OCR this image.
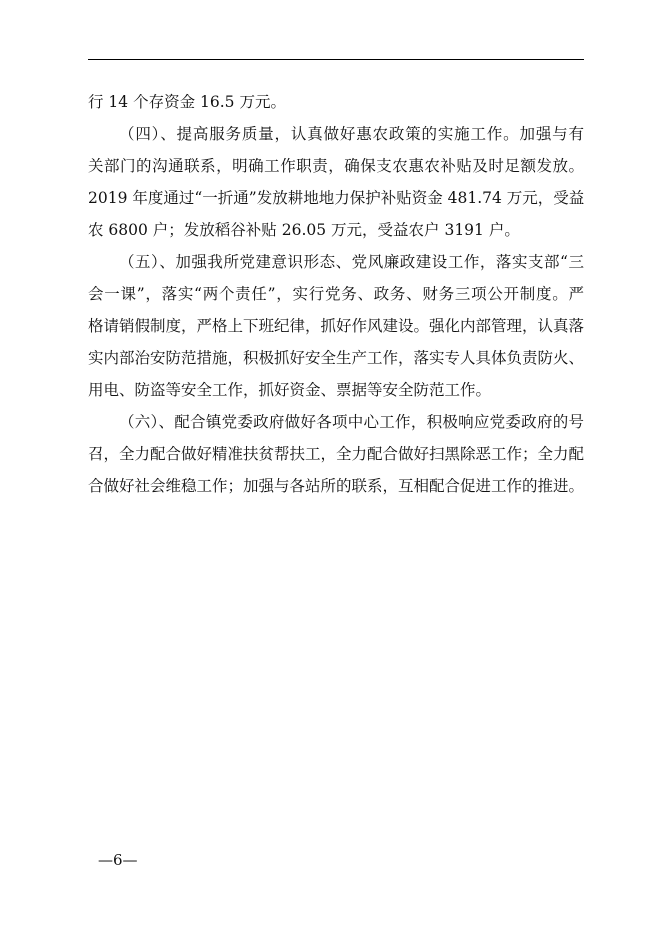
行 14 个存资金 16.5 万元。
（四）、提高服务质量，认真做好惠农政策的实施工作。加强与有
关部门的沟通联系，明确工作职责，确保支农惠农补贴及时足额发放。
2019 年度通过“一折通”发放耕地地力保护补贴资金 481.74 万元，受益
农 6800 户；发放稻谷补贴 26.05 万元，受益农户 3191 户。
（五）、加强我所党建意识形态、党风廉政建设工作，落实支部“三
会一课”，落实“两个责任”，实行党务、政务、财务三项公开制度。严
格请销假制度，严格上下班纪律，抓好作风建设。强化内部管理，认真落
实内部治安防范措施，积极抓好安全生产工作，落实专人具体负责防火、
用电、防盗等安全工作，抓好资金、票据等安全防范工作。
（六）、配合镇党委政府做好各项中心工作，积极响应党委政府的号
召，全力配合做好精准扶贫帮扶工，全力配合做好扫黑除恶工作；全力配
合做好社会维稳工作；加强与各站所的联系，互相配合促进工作的推进。
—6—
